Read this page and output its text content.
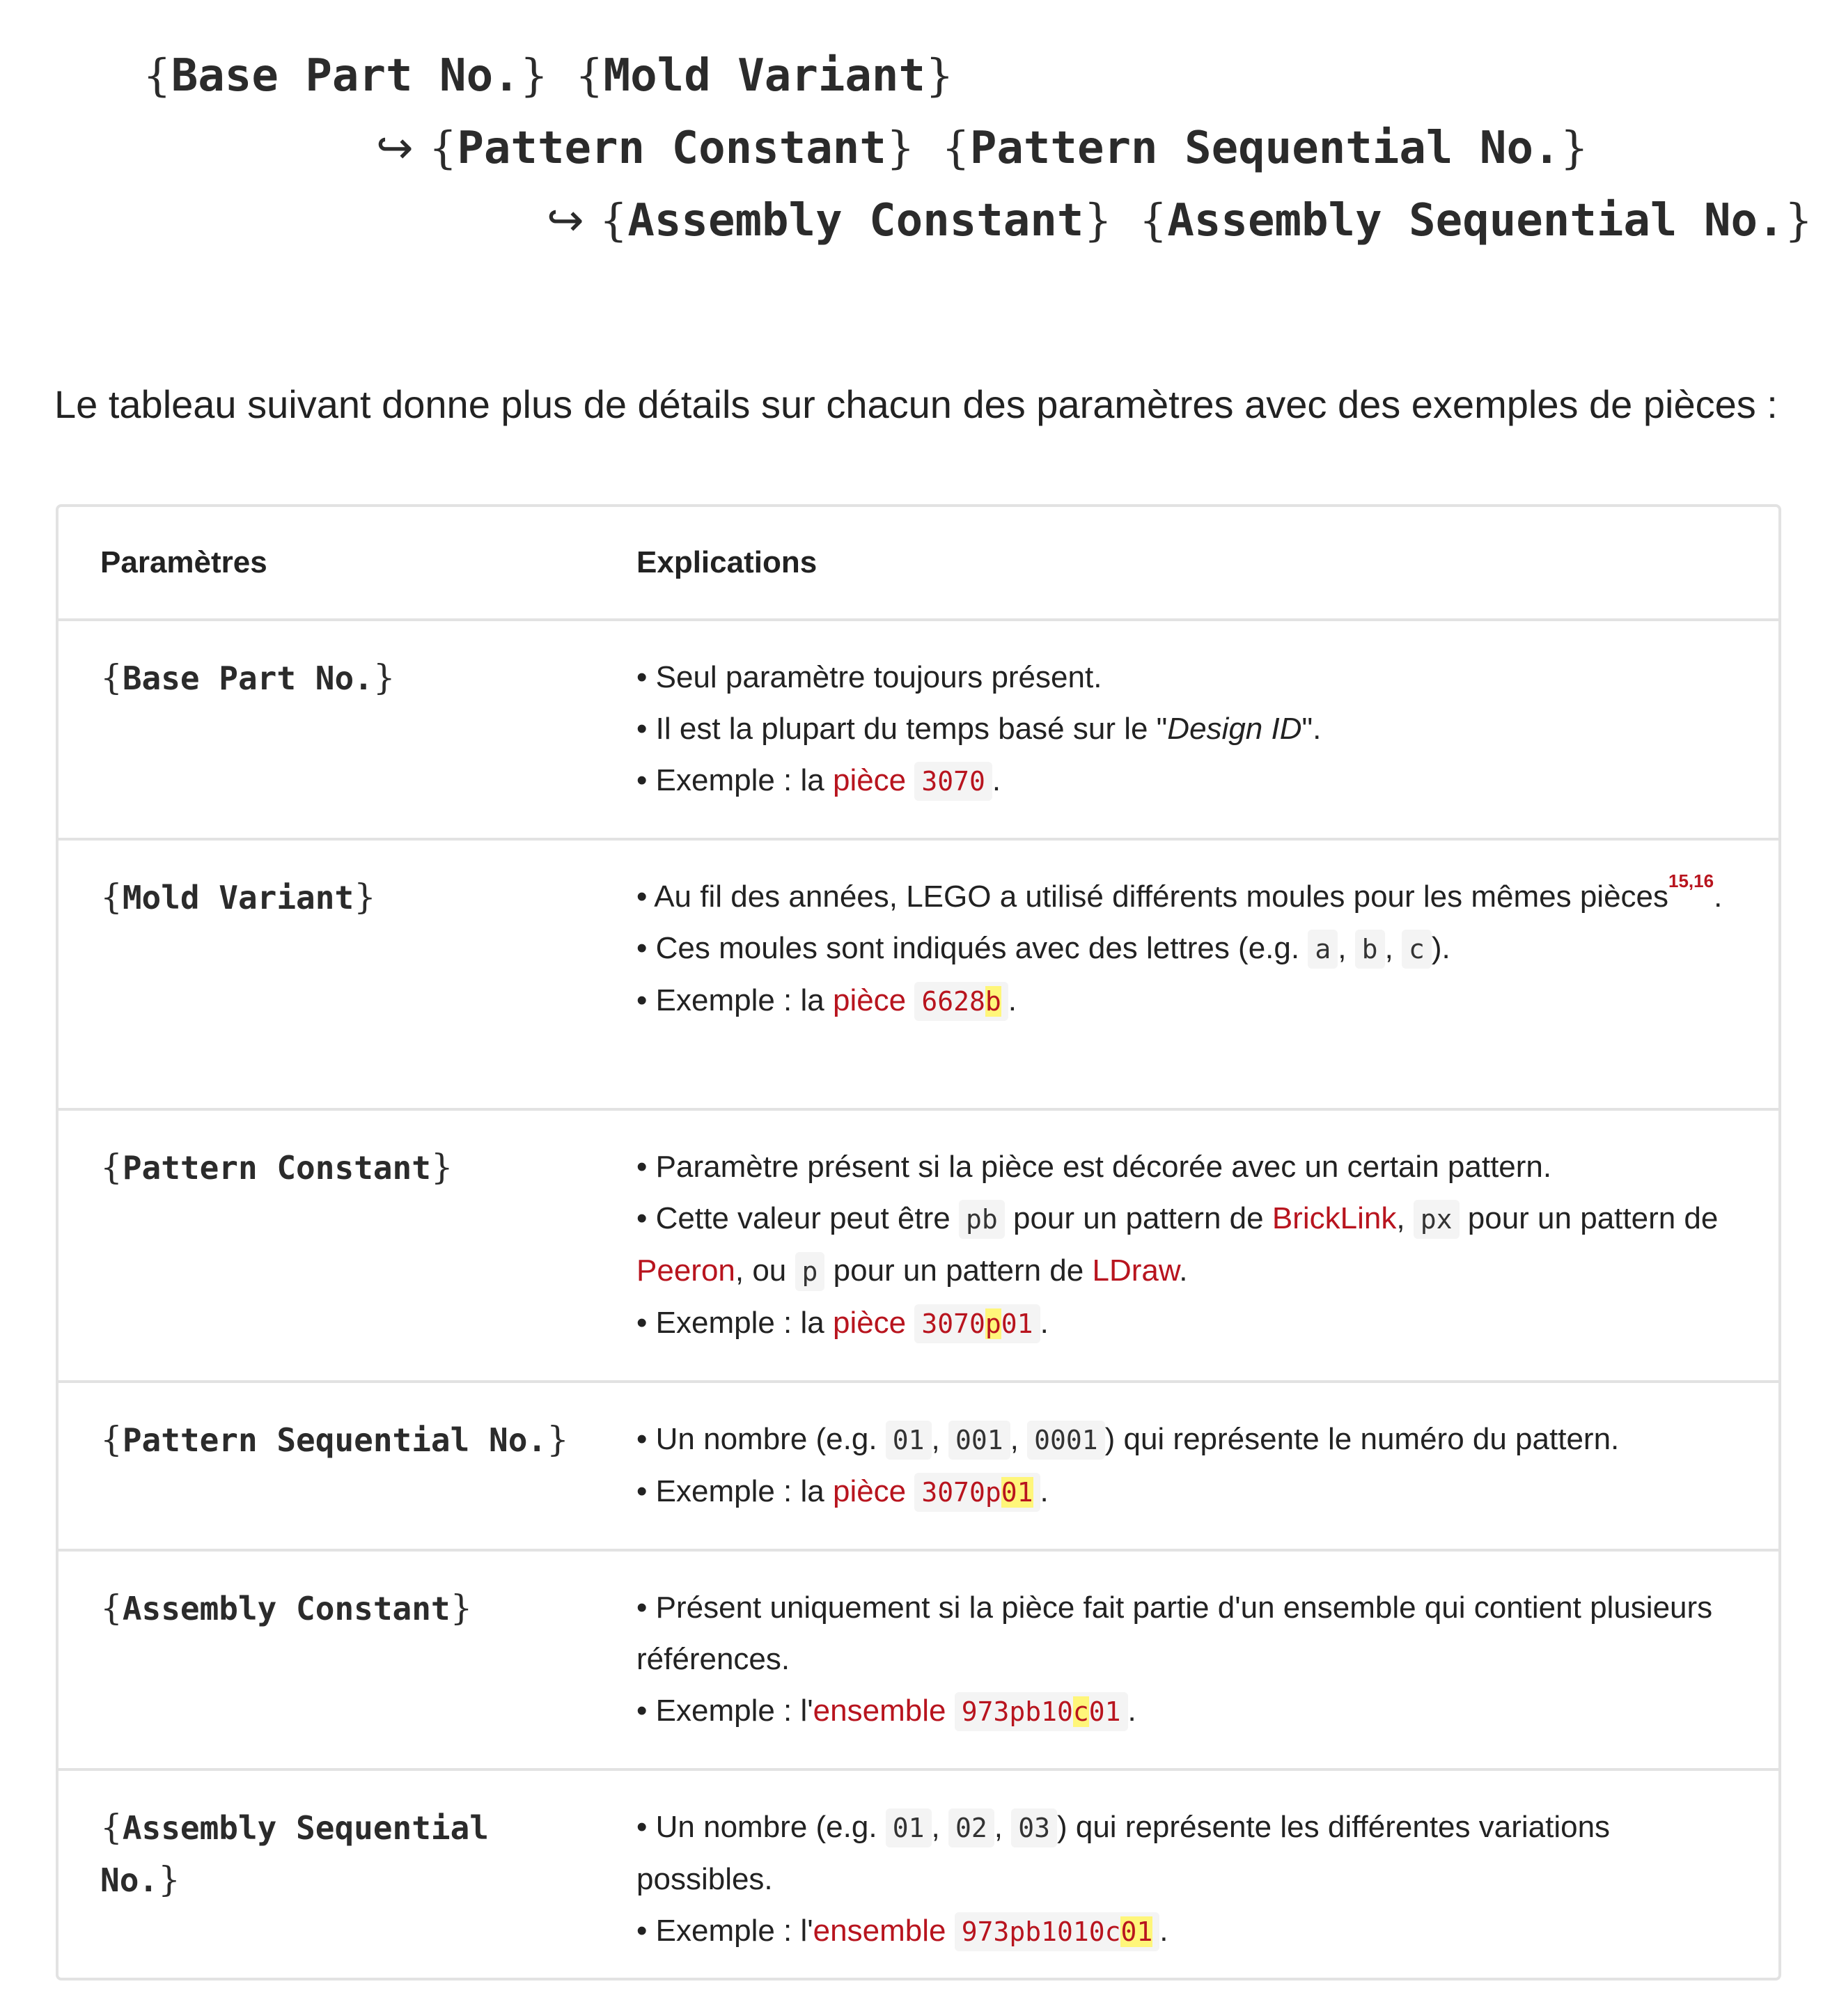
{Base Part No.} {Mold Variant}
↪ {Pattern Constant} {Pattern Sequential No.}
↪ {Assembly Constant} {Assembly Sequential No.}

Le tableau suivant donne plus de détails sur chacun des paramètres avec des exemples de pièces :

Paramètres	Explications
{Base Part No.}	• Seul paramètre toujours présent.
• Il est la plupart du temps basé sur le "Design ID".
• Exemple : la pièce 3070 .

{Mold Variant}	• Au fil des années, LEGO a utilisé différents moules pour les mêmes pièces$^{15,16}$.
• Ces moules sont indiqués avec des lettres (e.g. a , b , c ).
• Exemple : la pièce 6628b .

{Pattern Constant}	• Paramètre présent si la pièce est décorée avec un certain pattern.
• Cette valeur peut être pb pour un pattern de BrickLink, px pour un pattern de Peeron, ou p pour un pattern de LDraw.
• Exemple : la pièce 3070p01 .

{Pattern Sequential No.}	• Un nombre (e.g. 01 , 001 , 0001 ) qui représente le numéro du pattern.
• Exemple : la pièce 3070p01 .

{Assembly Constant}	• Présent uniquement si la pièce fait partie d'un ensemble qui contient plusieurs références.
• Exemple : l'ensemble 973pb10c01 .

{Assembly Sequential No.}	• Un nombre (e.g. 01 , 02 , 03 ) qui représente les différentes variations possibles.
• Exemple : l'ensemble 973pb1010c01 .
